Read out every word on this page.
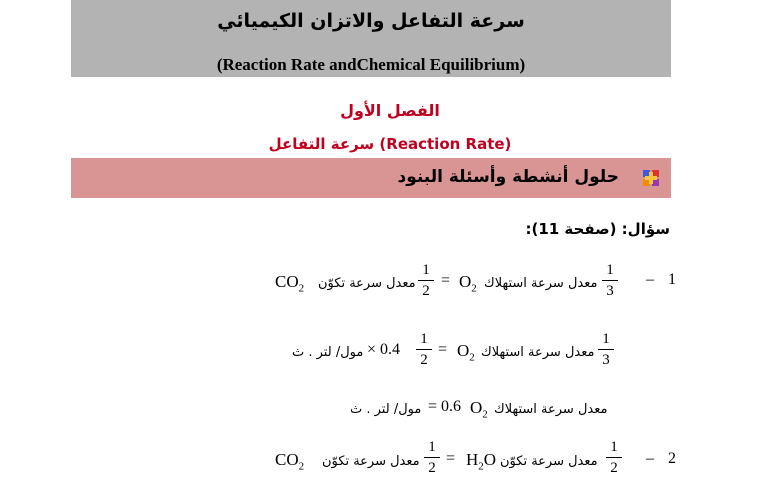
سرعة التفاعل والاتزان الكيميائي
(Reaction Rate andChemical Equilibrium)
الفصل الأول
سرعة التفاعل (Reaction Rate)
حلول أنشطة وأسئلة البنود
سؤال: (صفحة 11):
1
–
1
3
معدل سرعة استهلاك
$O_2$
=
1
2
معدل سرعة تكوّن
$CO_2$
1
3
معدل سرعة استهلاك
$O_2$
=
1
2
× 0.4
مول/ لتر . ث
معدل سرعة استهلاك
$O_2$
= 0.6
مول/ لتر . ث
2
–
1
2
معدل سرعة تكوّن
$H_2O$
=
1
2
معدل سرعة تكوّن
$CO_2$
